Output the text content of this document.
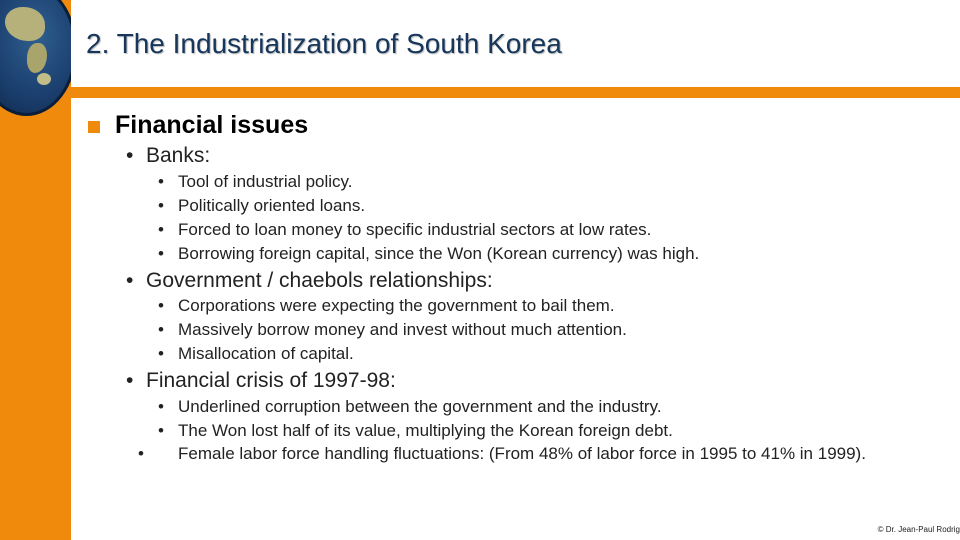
2. The Industrialization of South Korea
Financial issues
• Banks:
• Tool of industrial policy.
• Politically oriented loans.
• Forced to loan money to specific industrial sectors at low rates.
• Borrowing foreign capital, since the Won (Korean currency) was high.
• Government / chaebols relationships:
• Corporations were expecting the government to bail them.
• Massively borrow money and invest without much attention.
• Misallocation of capital.
• Financial crisis of 1997-98:
• Underlined corruption between the government and the industry.
• The Won lost half of its value, multiplying the Korean foreign debt.
• Female labor force handling fluctuations: (From 48% of labor force in 1995 to 41% in 1999).
© Dr. Jean-Paul Rodrig
